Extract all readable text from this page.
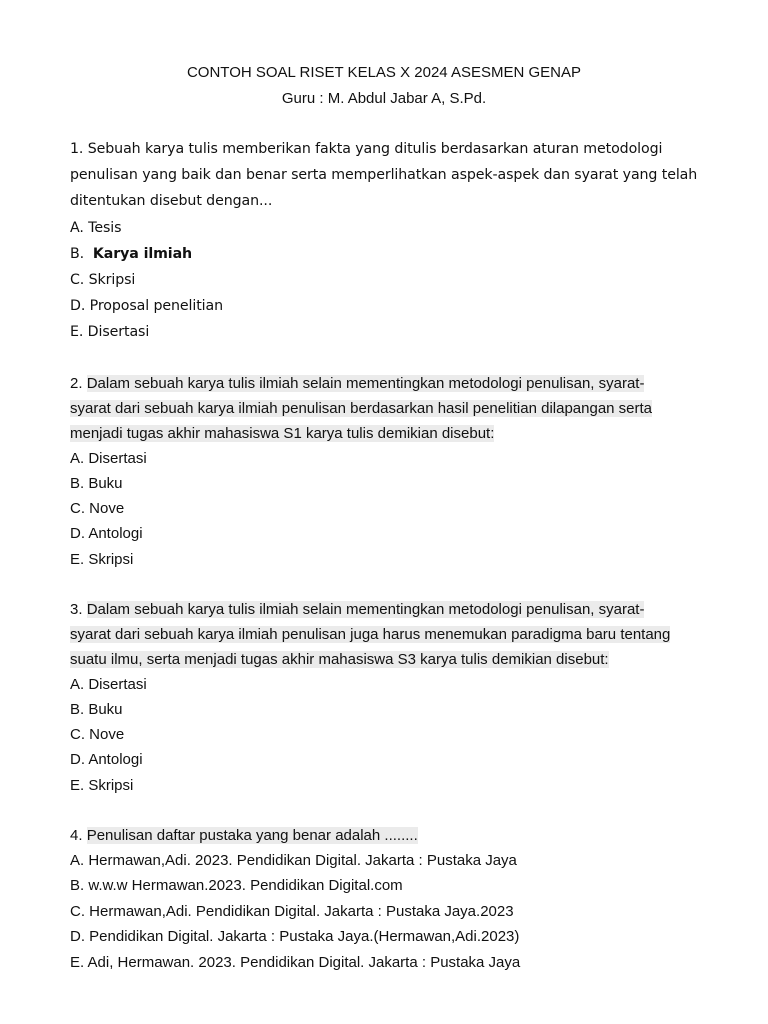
CONTOH SOAL RISET KELAS X 2024 ASESMEN GENAP
Guru : M. Abdul Jabar A, S.Pd.
1. Sebuah karya tulis memberikan fakta yang ditulis berdasarkan aturan metodologi
penulisan yang baik dan benar serta memperlihatkan aspek-aspek dan syarat yang telah
ditentukan disebut dengan...
A. Tesis
B. Karya ilmiah
C. Skripsi
D. Proposal penelitian
E. Disertasi
2. Dalam sebuah karya tulis ilmiah selain mementingkan metodologi penulisan, syarat-
syarat dari sebuah karya ilmiah penulisan berdasarkan hasil penelitian dilapangan serta
menjadi tugas akhir mahasiswa S1 karya tulis demikian disebut:
A. Disertasi
B. Buku
C. Nove
D. Antologi
E. Skripsi
3. Dalam sebuah karya tulis ilmiah selain mementingkan metodologi penulisan, syarat-
syarat dari sebuah karya ilmiah penulisan juga harus menemukan paradigma baru tentang
suatu ilmu, serta menjadi tugas akhir mahasiswa S3 karya tulis demikian disebut:
A. Disertasi
B. Buku
C. Nove
D. Antologi
E. Skripsi
4. Penulisan daftar pustaka yang benar adalah ........
A. Hermawan,Adi. 2023. Pendidikan Digital. Jakarta : Pustaka Jaya
B. w.w.w Hermawan.2023. Pendidikan Digital.com
C. Hermawan,Adi. Pendidikan Digital. Jakarta : Pustaka Jaya.2023
D. Pendidikan Digital. Jakarta : Pustaka Jaya.(Hermawan,Adi.2023)
E. Adi, Hermawan. 2023. Pendidikan Digital. Jakarta : Pustaka Jaya
